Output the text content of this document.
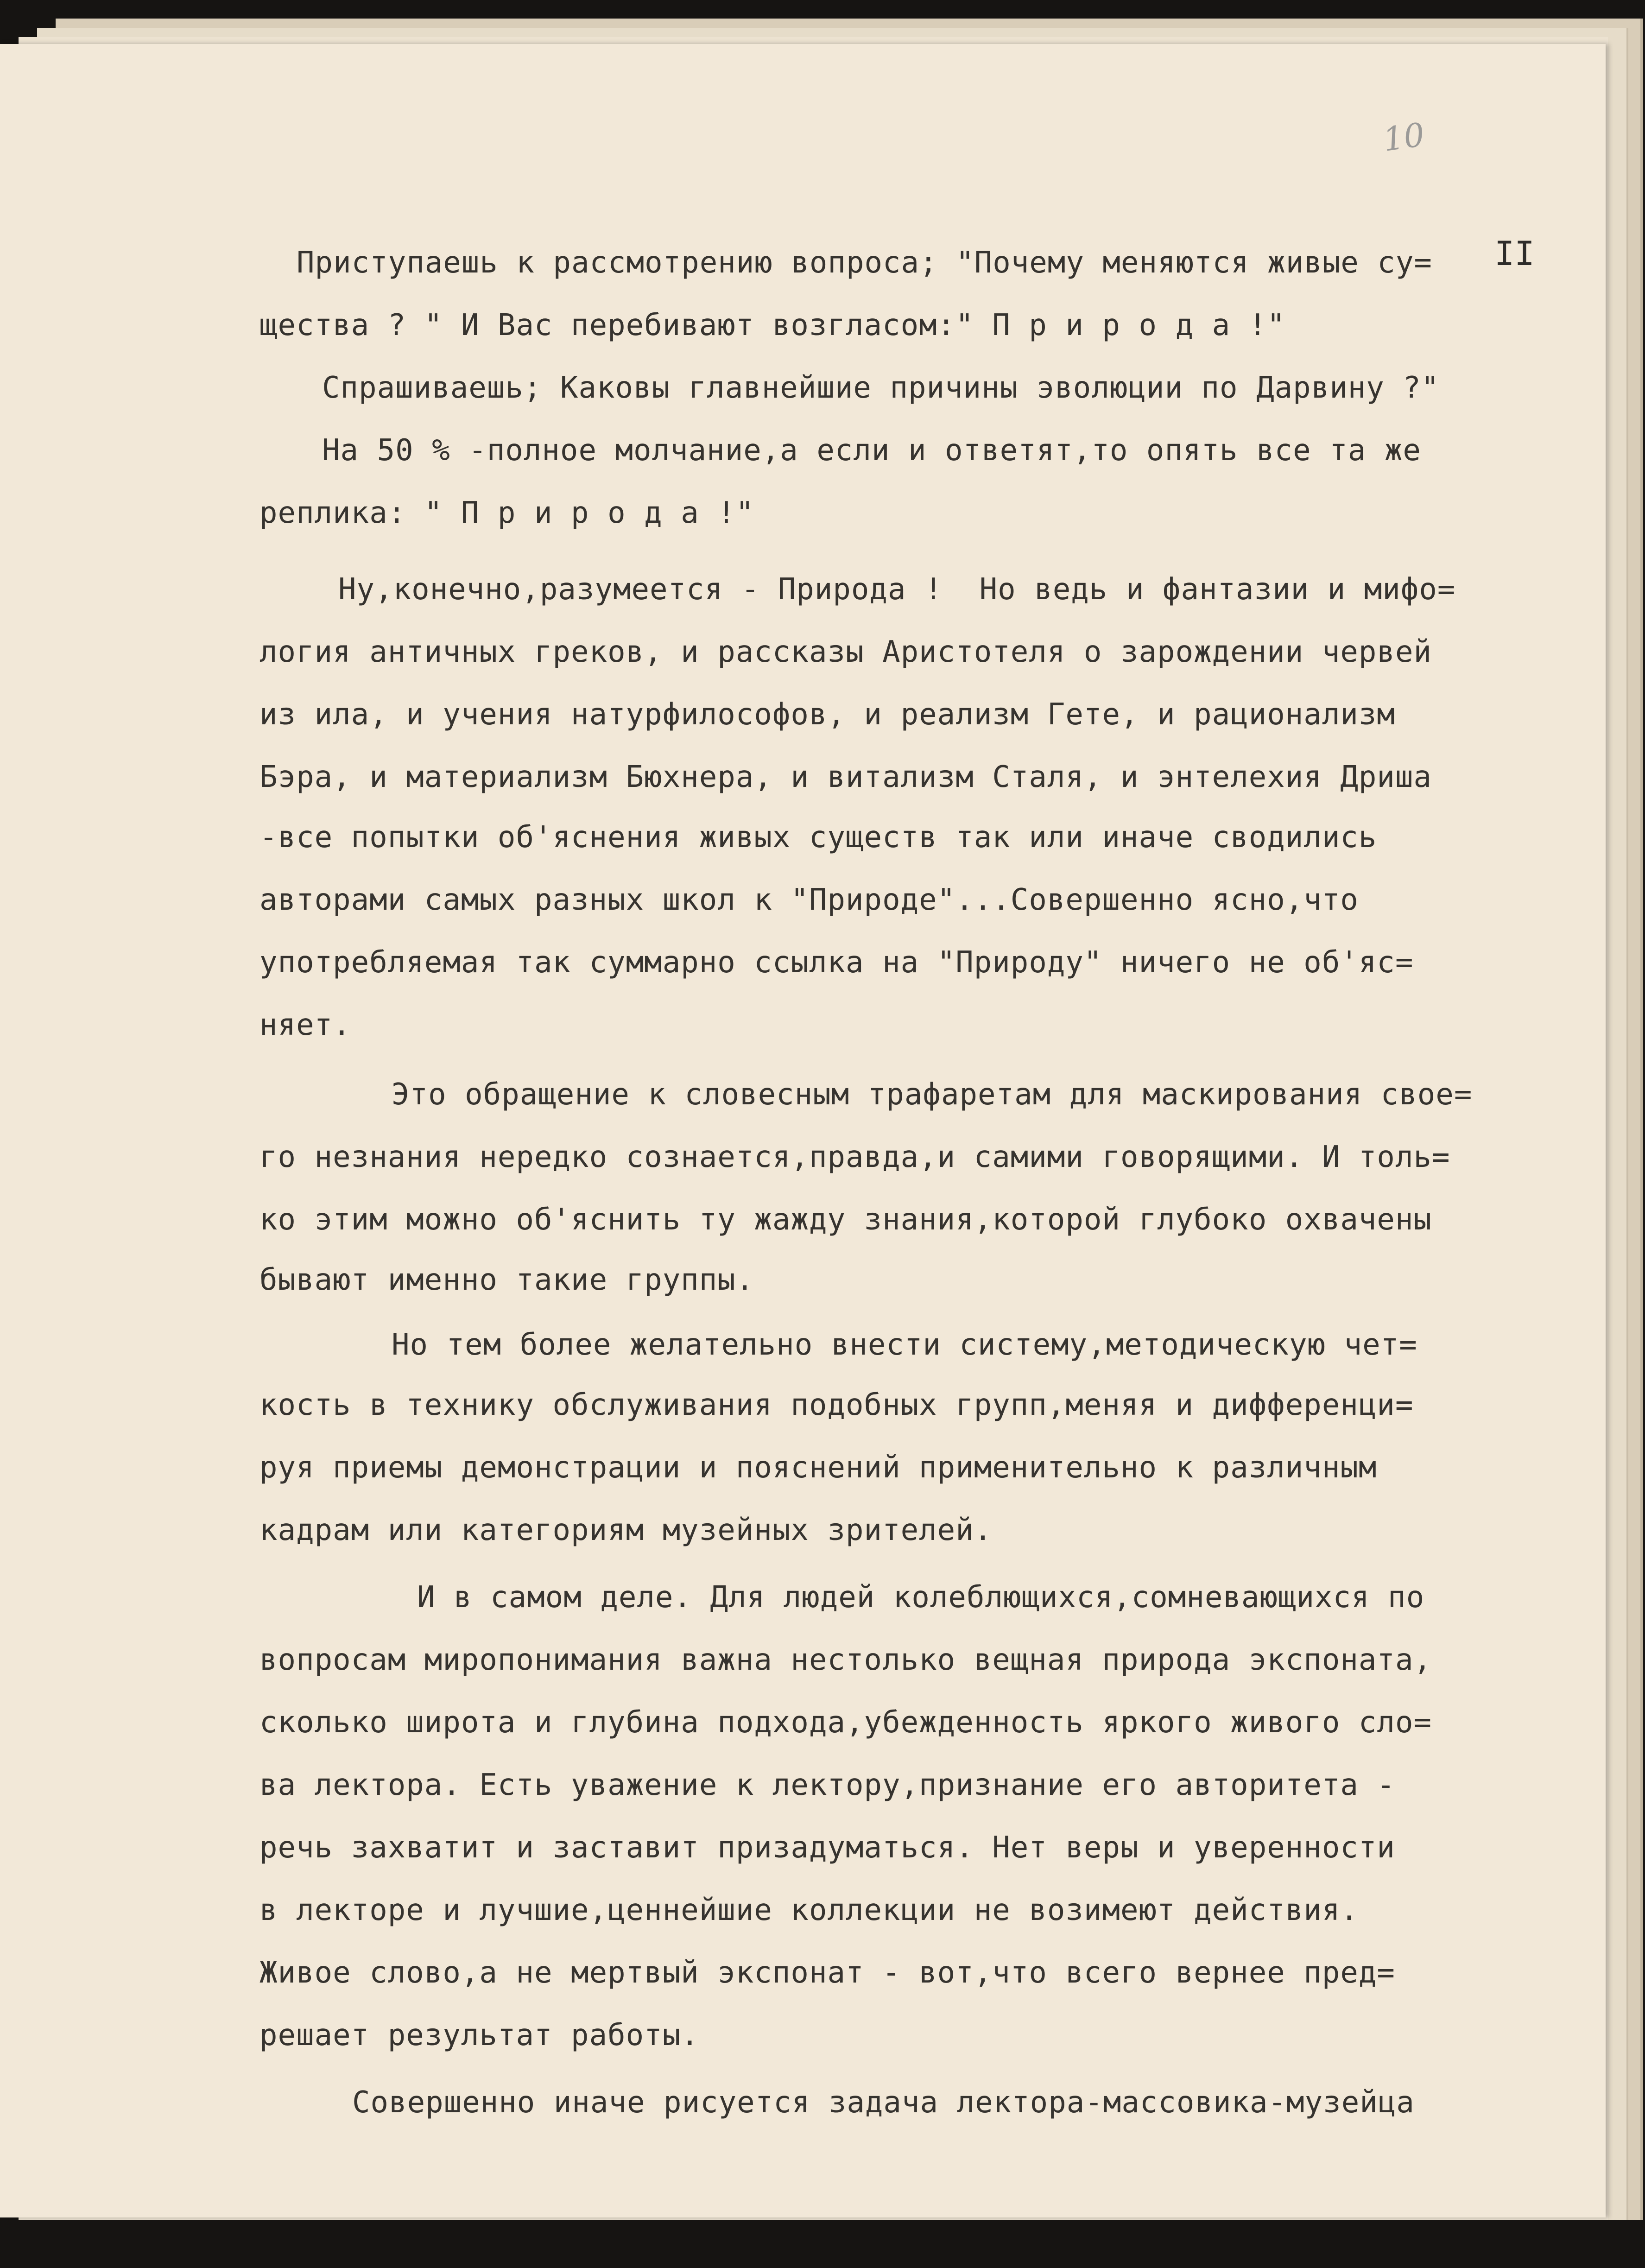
10
II

Приступаешь к рассмотрению вопроса; "Почему меняются живые су=

щества ? " И Вас перебивают возгласом:" П р и р о д а !"

Спрашиваешь; Каковы главнейшие причины эволюции по Дарвину ?"

На 50 % -полное молчание,а если и ответят,то опять все та же

реплика: " П р и р о д а !"

Ну,конечно,разумеется - Природа !  Но ведь и фантазии и мифо=

логия античных греков, и рассказы Аристотеля о зарождении червей

из ила, и учения натурфилософов, и реализм Гете, и рационализм

Бэра, и материализм Бюхнера, и витализм Сталя, и энтелехия Дриша

-все попытки об'яснения живых существ так или иначе сводились

авторами самых разных школ к "Природе"...Совершенно ясно,что

употребляемая так суммарно ссылка на "Природу" ничего не об'яс=

няет.

Это обращение к словесным трафаретам для маскирования свое=

го незнания нередко сознается,правда,и самими говорящими. И толь=

ко этим можно об'яснить ту жажду знания,которой глубоко охвачены

бывают именно такие группы.

Но тем более желательно внести систему,методическую чет=

кость в технику обслуживания подобных групп,меняя и дифференци=

руя приемы демонстрации и пояснений применительно к различным

кадрам или категориям музейных зрителей.

И в самом деле. Для людей колеблющихся,сомневающихся по

вопросам миропонимания важна нестолько вещная природа экспоната,

сколько широта и глубина подхода,убежденность яркого живого сло=

ва лектора. Есть уважение к лектору,признание его авторитета -

речь захватит и заставит призадуматься. Нет веры и уверенности

в лекторе и лучшие,ценнейшие коллекции не возимеют действия.

Живое слово,а не мертвый экспонат - вот,что всего вернее пред=

решает результат работы.

Совершенно иначе рисуется задача лектора-массовика-музейца
